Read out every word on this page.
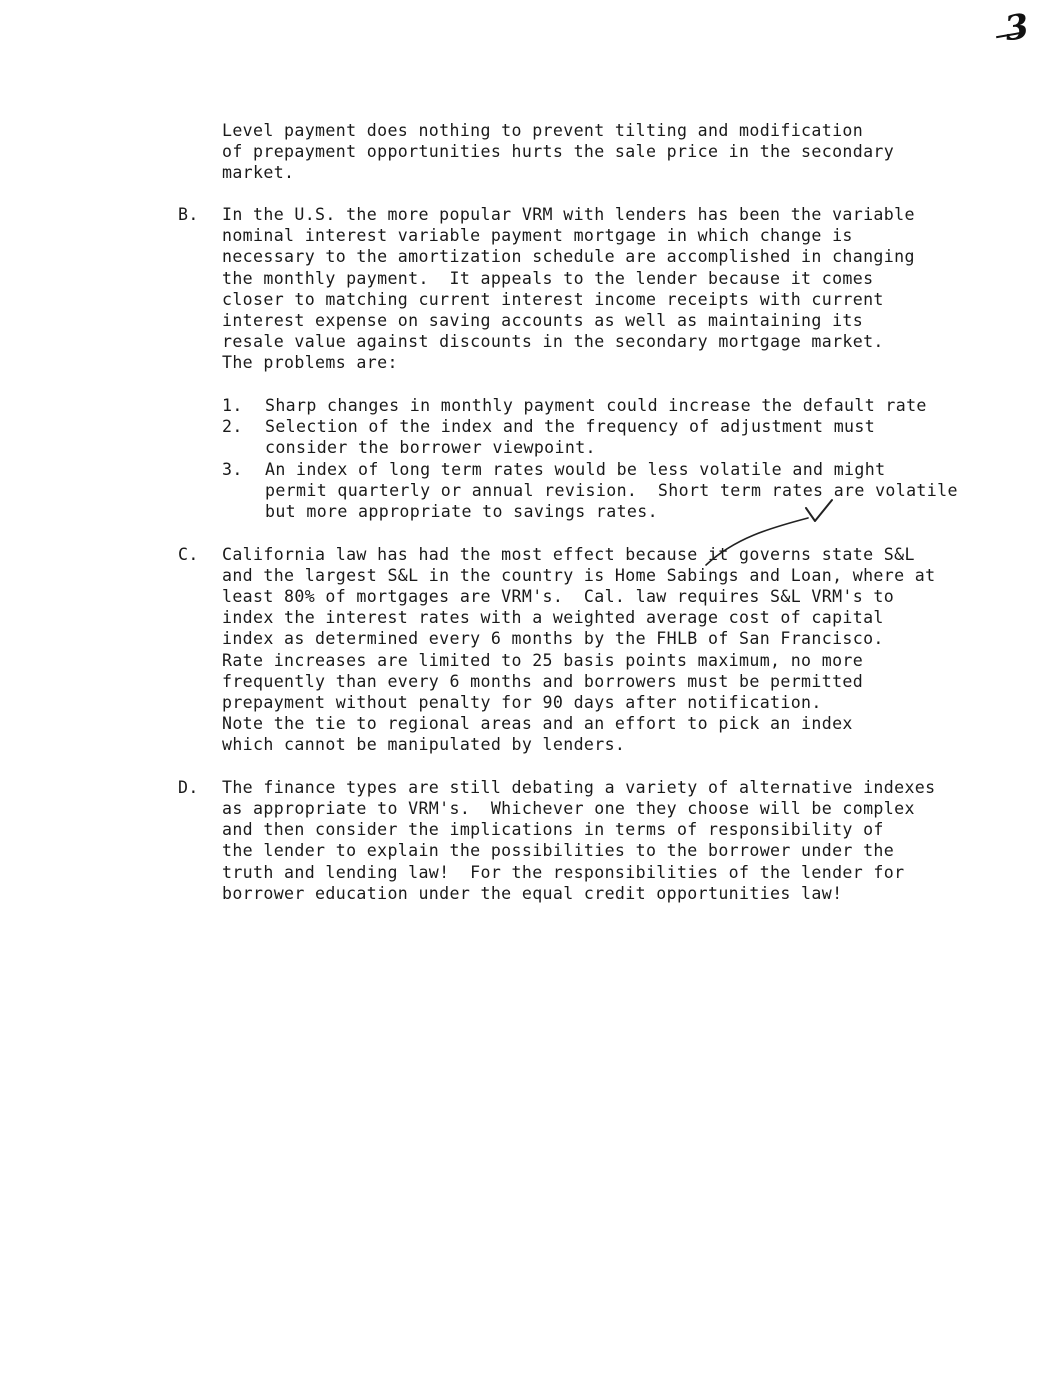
3
Level payment does nothing to prevent tilting and modification
of prepayment opportunities hurts the sale price in the secondary
market.
B. In the U.S. the more popular VRM with lenders has been the variable
nominal interest variable payment mortgage in which change is
necessary to the amortization schedule are accomplished in changing
the monthly payment.  It appeals to the lender because it comes
closer to matching current interest income receipts with current
interest expense on saving accounts as well as maintaining its
resale value against discounts in the secondary mortgage market.
The problems are:
1. Sharp changes in monthly payment could increase the default rate
2. Selection of the index and the frequency of adjustment must
consider the borrower viewpoint.
3. An index of long term rates would be less volatile and might
permit quarterly or annual revision.  Short term rates are volatile
but more appropriate to savings rates.
C. California law has had the most effect because it governs state S&L
and the largest S&L in the country is Home Sabings and Loan, where at
least 80% of mortgages are VRM's.  Cal. law requires S&L VRM's to
index the interest rates with a weighted average cost of capital
index as determined every 6 months by the FHLB of San Francisco.
Rate increases are limited to 25 basis points maximum, no more
frequently than every 6 months and borrowers must be permitted
prepayment without penalty for 90 days after notification.
Note the tie to regional areas and an effort to pick an index
which cannot be manipulated by lenders.
D. The finance types are still debating a variety of alternative indexes
as appropriate to VRM's.  Whichever one they choose will be complex
and then consider the implications in terms of responsibility of
the lender to explain the possibilities to the borrower under the
truth and lending law!  For the responsibilities of the lender for
borrower education under the equal credit opportunities law!
